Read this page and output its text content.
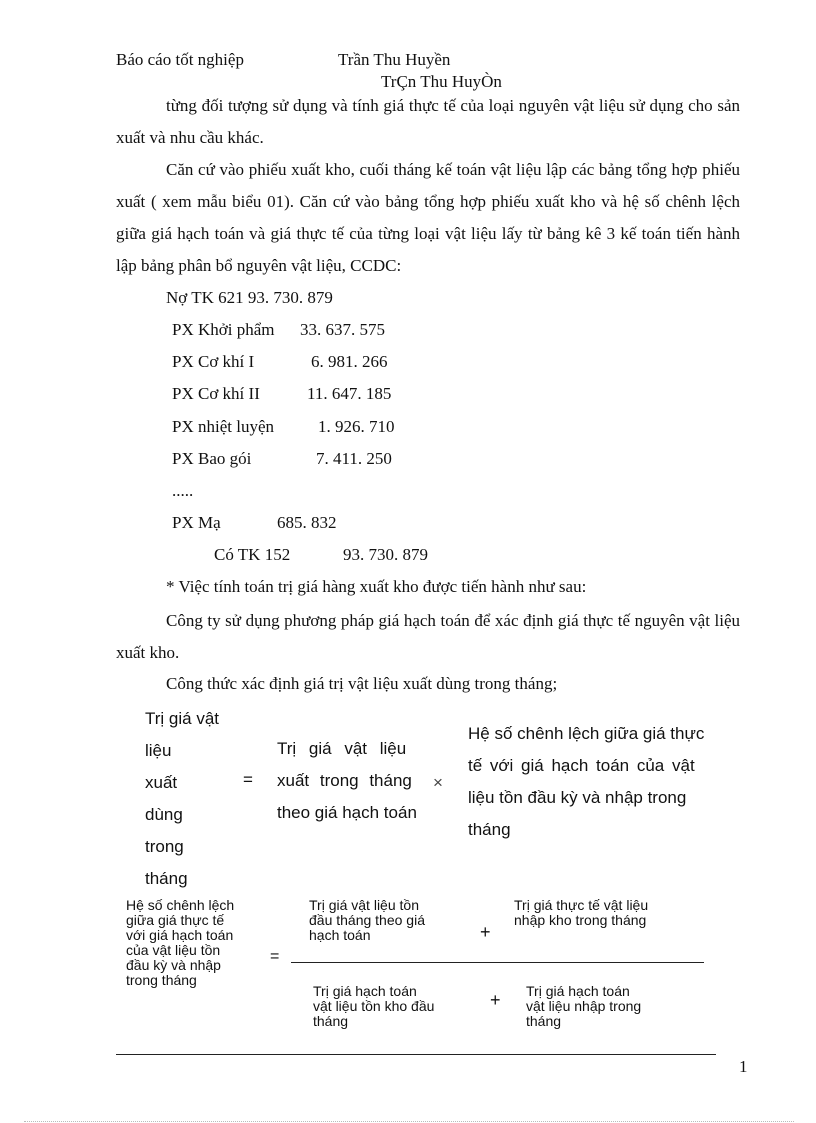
Báo cáo tốt nghiệp	Trần Thu Huyền
TrÇn Thu HuyÒn
từng đối tượng sử dụng và tính giá thực tế của loại nguyên vật liệu sử dụng cho sản xuất và nhu cầu khác.
Căn cứ vào phiếu xuất kho, cuối tháng kế toán vật liệu lập các bảng tổng hợp phiếu xuất ( xem mẫu biểu 01). Căn cứ vào bảng tổng hợp phiếu xuất kho và hệ số chênh lệch giữa giá hạch toán và giá thực tế của từng loại vật liệu lấy từ bảng kê 3 kế toán tiến hành lập bảng phân bổ nguyên vật liệu, CCDC:
Nợ TK 621 93. 730. 879
PX Khởi phẩm 33. 637. 575
PX Cơ khí I	6. 981. 266
PX Cơ khí II	11. 647. 185
PX nhiệt luyện	1. 926. 710
PX Bao gói	7. 411. 250
.....
PX Mạ	685. 832
Có TK 152	93. 730. 879
* Việc tính toán trị giá hàng xuất kho được tiến hành như sau:
Công ty sử dụng phương pháp giá hạch toán để xác định giá thực tế nguyên vật liệu xuất kho.
Công thức xác định giá trị vật liệu xuất dùng trong tháng;
Trị giá vật
liệu xuất
dùng
trong
tháng
=
Trị giá vật liệu
xuất trong tháng
theo giá hạch toán
×
Hệ số chênh lệch giữa giá thực
tế với giá hạch toán của vật
liệu tồn đầu kỳ và nhập trong
tháng
Hệ số chênh lệch
giữa giá thực tế
với giá hạch toán
của vật liệu tồn
đầu kỳ và nhập
trong tháng
=
Trị giá vật liệu tồn
đầu tháng theo giá
hạch toán	+
Trị giá thực tế vật liệu
nhập kho trong tháng
Trị giá hạch toán
vật liệu tồn kho đầu
tháng
+ Trị giá hạch toán
vật liệu nhập trong
tháng
1
